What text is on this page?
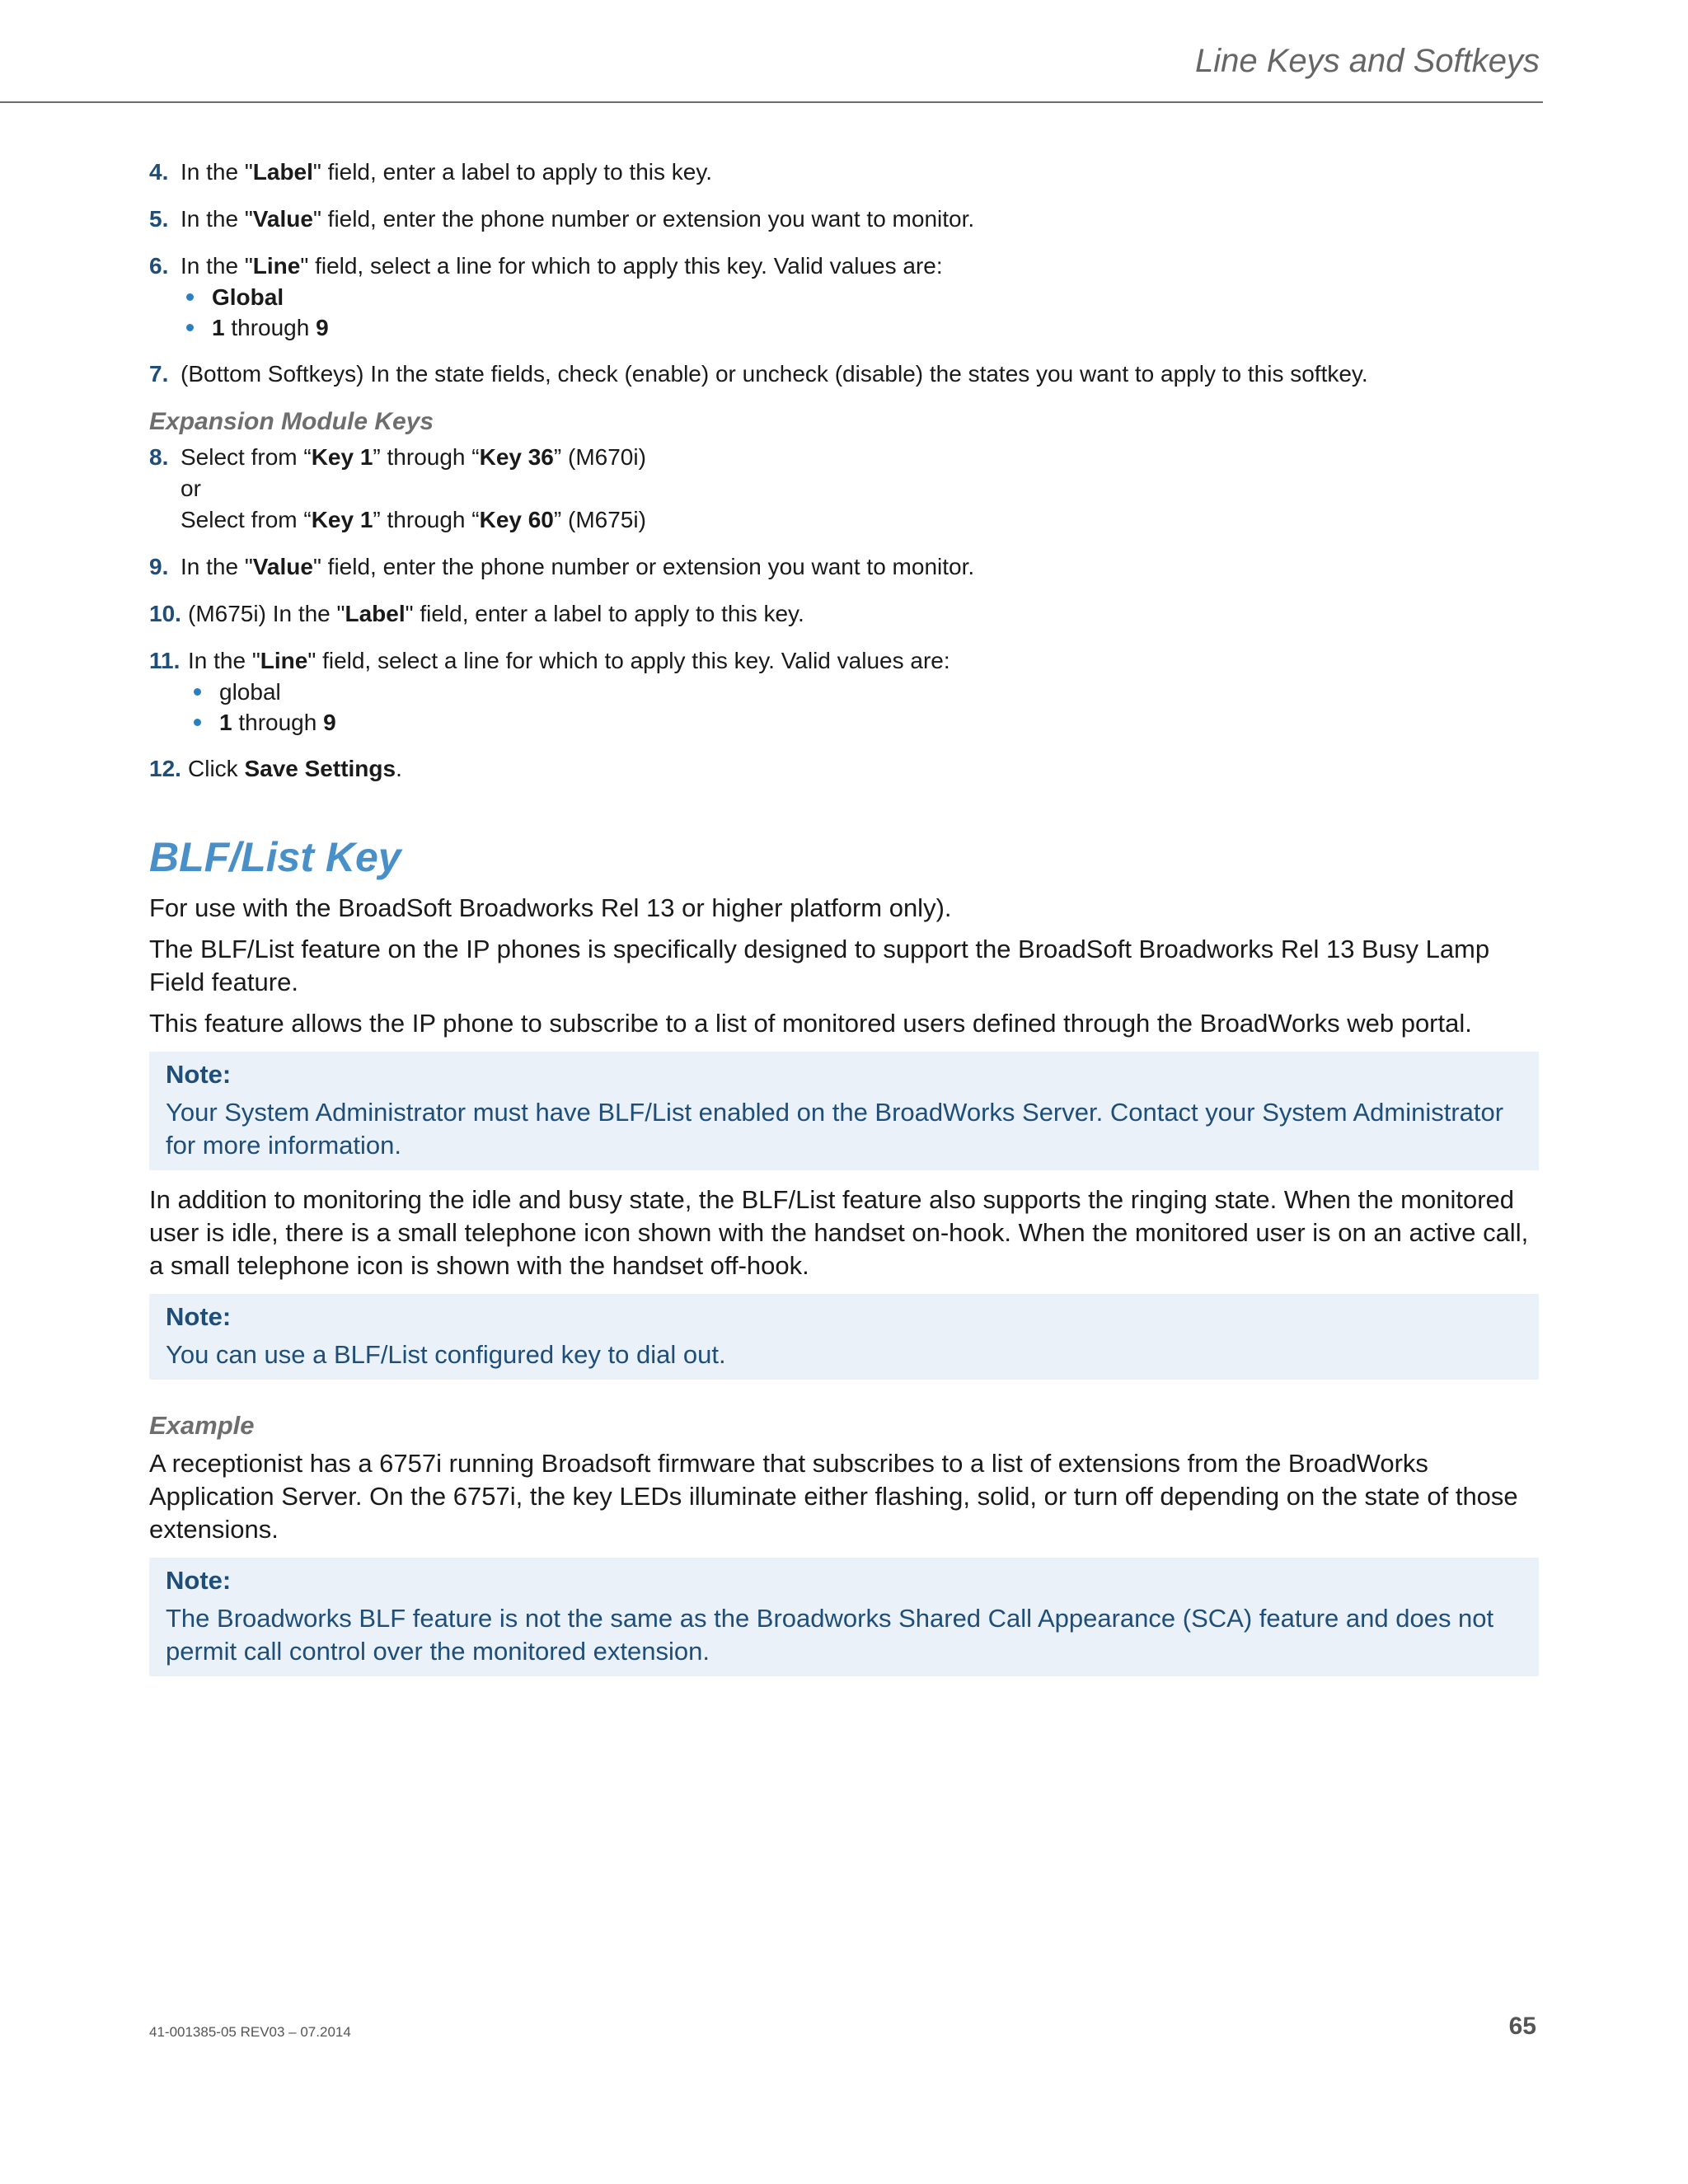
Line Keys and Softkeys
4. In the "Label" field, enter a label to apply to this key.
5. In the "Value" field, enter the phone number or extension you want to monitor.
6. In the "Line" field, select a line for which to apply this key. Valid values are:
Global
1 through 9
7. (Bottom Softkeys) In the state fields, check (enable) or uncheck (disable) the states you want to apply to this softkey.
Expansion Module Keys
8. Select from “Key 1” through “Key 36” (M670i)
or
Select from “Key 1” through “Key 60” (M675i)
9. In the "Value" field, enter the phone number or extension you want to monitor.
10. (M675i) In the "Label" field, enter a label to apply to this key.
11. In the "Line" field, select a line for which to apply this key. Valid values are:
global
1 through 9
12. Click Save Settings.
BLF/List Key
For use with the BroadSoft Broadworks Rel 13 or higher platform only).
The BLF/List feature on the IP phones is specifically designed to support the BroadSoft Broadworks Rel 13 Busy Lamp Field feature.
This feature allows the IP phone to subscribe to a list of monitored users defined through the BroadWorks web portal.
Note:
Your System Administrator must have BLF/List enabled on the BroadWorks Server. Contact your System Administrator for more information.
In addition to monitoring the idle and busy state, the BLF/List feature also supports the ringing state. When the monitored user is idle, there is a small telephone icon shown with the handset on-hook. When the monitored user is on an active call, a small telephone icon is shown with the handset off-hook.
Note:
You can use a BLF/List configured key to dial out.
Example
A receptionist has a 6757i running Broadsoft firmware that subscribes to a list of extensions from the BroadWorks Application Server. On the 6757i, the key LEDs illuminate either flashing, solid, or turn off depending on the state of those extensions.
Note:
The Broadworks BLF feature is not the same as the Broadworks Shared Call Appearance (SCA) feature and does not permit call control over the monitored extension.
41-001385-05 REV03 – 07.2014	65
